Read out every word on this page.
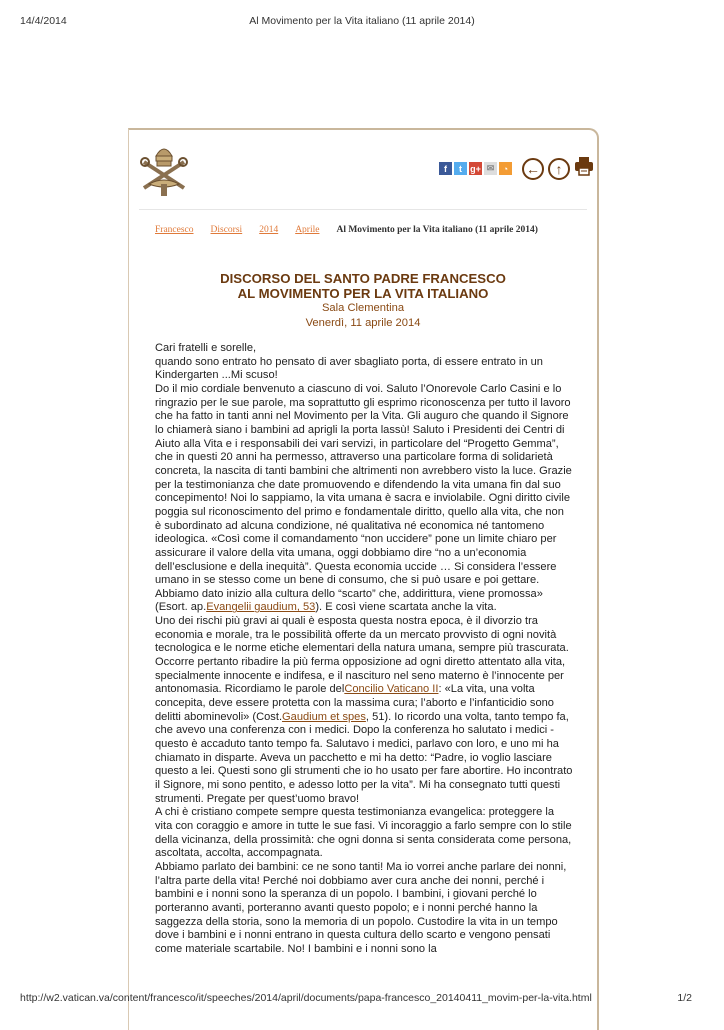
14/4/2014	Al Movimento per la Vita italiano (11 aprile 2014)
f	t g+ ✉ ◔ ←	↑
Francesco Discorsi 2014 Aprile Al Movimento per la Vita italiano (11 aprile 2014)
DISCORSO DEL SANTO PADRE FRANCESCO
AL MOVIMENTO PER LA VITA ITALIANO
Sala Clementina
Venerdì, 11 aprile 2014

Cari fratelli e sorelle,

quando sono entrato ho pensato di aver sbagliato porta, di essere entrato in un Kindergarten ...Mi scuso!

Do il mio cordiale benvenuto a ciascuno di voi. Saluto l’Onorevole Carlo Casini e lo ringrazio per le sue parole, ma soprattutto gli esprimo riconoscenza per tutto il lavoro che ha fatto in tanti anni nel Movimento per la Vita. Gli auguro che quando il Signore lo chiamerà siano i bambini ad aprigli la porta lassù! Saluto i Presidenti dei Centri di Aiuto alla Vita e i responsabili dei vari servizi, in particolare del “Progetto Gemma”, che in questi 20 anni ha permesso, attraverso una particolare forma di solidarietà concreta, la nascita di tanti bambini che altrimenti non avrebbero visto la luce. Grazie per la testimonianza che date promuovendo e difendendo la vita umana fin dal suo concepimento! Noi lo sappiamo, la vita umana è sacra e inviolabile. Ogni diritto civile poggia sul riconoscimento del primo e fondamentale diritto, quello alla vita, che non è subordinato ad alcuna condizione, né qualitativa né economica né tantomeno ideologica. «Così come il comandamento “non uccidere” pone un limite chiaro per assicurare il valore della vita umana, oggi dobbiamo dire “no a un’economia dell’esclusione e della inequità”. Questa economia uccide … Si considera l’essere umano in se stesso come un bene di consumo, che si può usare e poi gettare. Abbiamo dato inizio alla cultura dello “scarto” che, addirittura, viene promossa» (Esort. ap.Evangelii gaudium, 53). E così viene scartata anche la vita.

Uno dei rischi più gravi ai quali è esposta questa nostra epoca, è il divorzio tra economia e morale, tra le possibilità offerte da un mercato provvisto di ogni novità tecnologica e le norme etiche elementari della natura umana, sempre più trascurata. Occorre pertanto ribadire la più ferma opposizione ad ogni diretto attentato alla vita, specialmente innocente e indifesa, e il nascituro nel seno materno è l’innocente per antonomasia. Ricordiamo le parole delConcilio Vaticano II: «La vita, una volta concepita, deve essere protetta con la massima cura; l’aborto e l’infanticidio sono delitti abominevoli» (Cost.Gaudium et spes, 51). Io ricordo una volta, tanto tempo fa, che avevo una conferenza con i medici. Dopo la conferenza ho salutato i medici - questo è accaduto tanto tempo fa. Salutavo i medici, parlavo con loro, e uno mi ha chiamato in disparte. Aveva un pacchetto e mi ha detto: “Padre, io voglio lasciare questo a lei. Questi sono gli strumenti che io ho usato per fare abortire. Ho incontrato il Signore, mi sono pentito, e adesso lotto per la vita”. Mi ha consegnato tutti questi strumenti. Pregate per quest’uomo bravo!

A chi è cristiano compete sempre questa testimonianza evangelica: proteggere la vita con coraggio e amore in tutte le sue fasi. Vi incoraggio a farlo sempre con lo stile della vicinanza, della prossimità: che ogni donna si senta considerata come persona, ascoltata, accolta, accompagnata.

Abbiamo parlato dei bambini: ce ne sono tanti! Ma io vorrei anche parlare dei nonni, l’altra parte della vita! Perché noi dobbiamo aver cura anche dei nonni, perché i bambini e i nonni sono la speranza di un popolo. I bambini, i giovani perché lo porteranno avanti, porteranno avanti questo popolo; e i nonni perché hanno la saggezza della storia, sono la memoria di un popolo. Custodire la vita in un tempo dove i bambini e i nonni entrano in questa cultura dello scarto e vengono pensati come materiale scartabile. No! I bambini e i nonni sono la

http://w2.vatican.va/content/francesco/it/speeches/2014/april/documents/papa-francesco_20140411_movim-per-la-vita.html	1/2
